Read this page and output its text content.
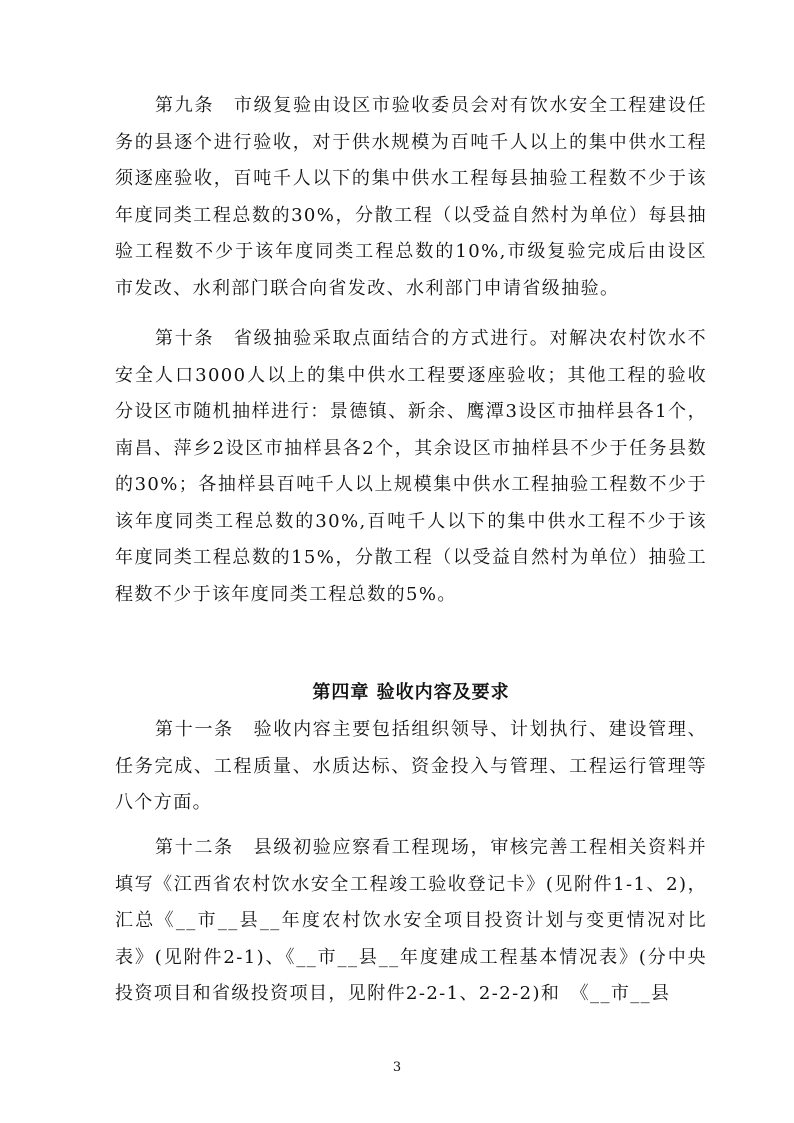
第九条　市级复验由设区市验收委员会对有饮水安全工程建设任务的县逐个进行验收，对于供水规模为百吨千人以上的集中供水工程须逐座验收，百吨千人以下的集中供水工程每县抽验工程数不少于该年度同类工程总数的30%，分散工程（以受益自然村为单位）每县抽验工程数不少于该年度同类工程总数的10%,市级复验完成后由设区市发改、水利部门联合向省发改、水利部门申请省级抽验。

第十条　省级抽验采取点面结合的方式进行。对解决农村饮水不安全人口3000人以上的集中供水工程要逐座验收；其他工程的验收分设区市随机抽样进行：景德镇、新余、鹰潭3设区市抽样县各1个，南昌、萍乡2设区市抽样县各2个，其余设区市抽样县不少于任务县数的30%；各抽样县百吨千人以上规模集中供水工程抽验工程数不少于该年度同类工程总数的30%,百吨千人以下的集中供水工程不少于该年度同类工程总数的15%，分散工程（以受益自然村为单位）抽验工程数不少于该年度同类工程总数的5%。

第四章 验收内容及要求

第十一条　验收内容主要包括组织领导、计划执行、建设管理、任务完成、工程质量、水质达标、资金投入与管理、工程运行管理等八个方面。

第十二条　县级初验应察看工程现场，审核完善工程相关资料并填写《江西省农村饮水安全工程竣工验收登记卡》(见附件1-1、2)，汇总《__市__县__年度农村饮水安全项目投资计划与变更情况对比表》(见附件2-1)、《__市__县__年度建成工程基本情况表》(分中央投资项目和省级投资项目，见附件2-2-1、2-2-2)和　《__市__县

3
